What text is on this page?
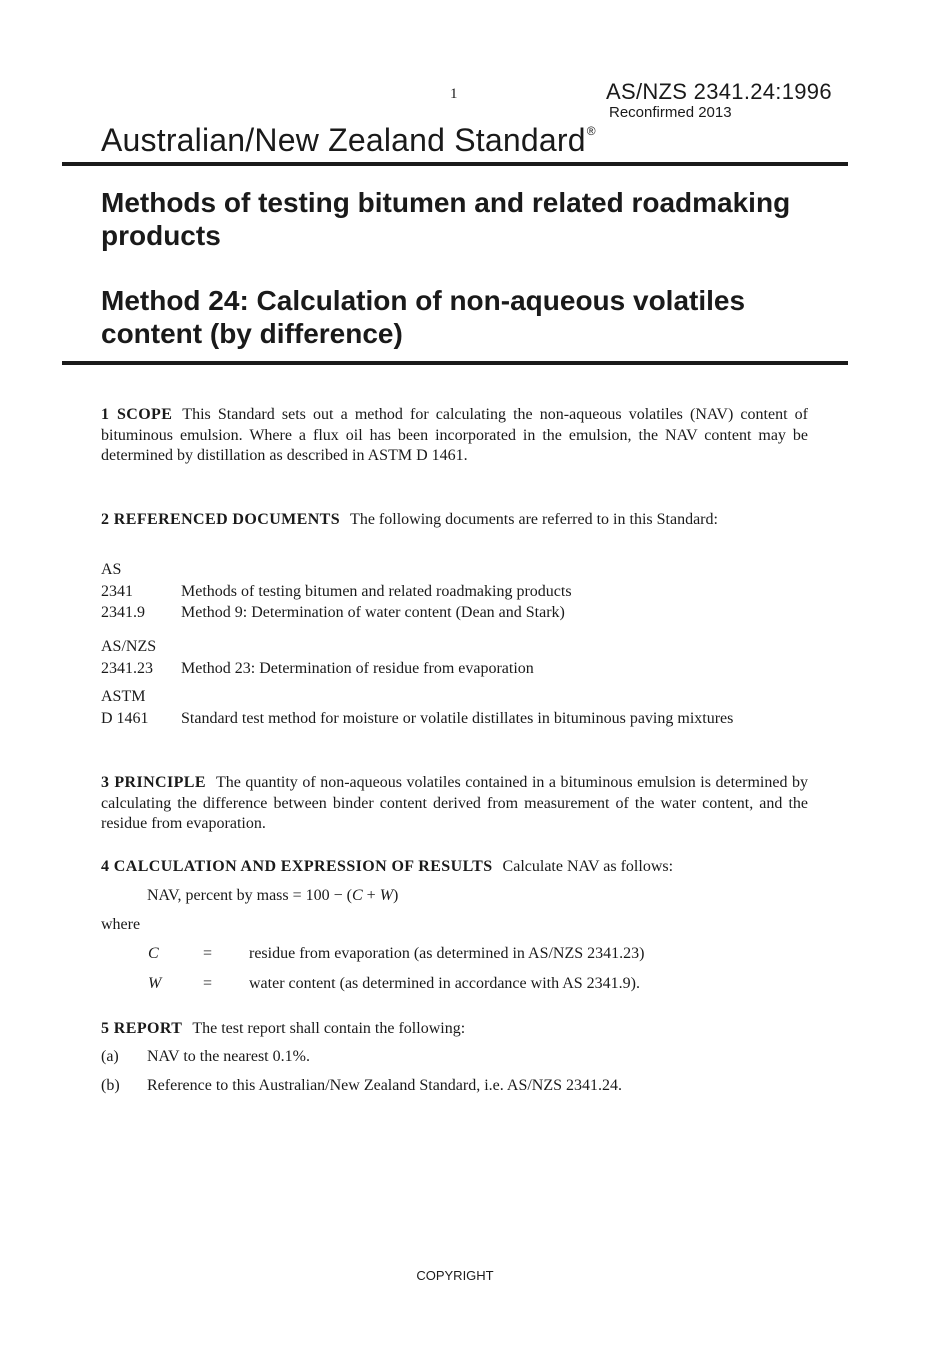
1	AS/NZS 2341.24:1996
Reconfirmed 2013
Australian/New Zealand Standard®
Methods of testing bitumen and related roadmaking products
Method 24: Calculation of non-aqueous volatiles content (by difference)
1 SCOPE This Standard sets out a method for calculating the non-aqueous volatiles (NAV) content of bituminous emulsion. Where a flux oil has been incorporated in the emulsion, the NAV content may be determined by distillation as described in ASTM D 1461.
2 REFERENCED DOCUMENTS The following documents are referred to in this Standard:
AS
2341	Methods of testing bitumen and related roadmaking products
2341.9 Method 9: Determination of water content (Dean and Stark)
AS/NZS
2341.23 Method 23: Determination of residue from evaporation
ASTM
D 1461 Standard test method for moisture or volatile distillates in bituminous paving mixtures
3 PRINCIPLE The quantity of non-aqueous volatiles contained in a bituminous emulsion is determined by calculating the difference between binder content derived from measurement of the water content, and the residue from evaporation.
4 CALCULATION AND EXPRESSION OF RESULTS Calculate NAV as follows:
NAV, percent by mass = 100 − (C + W)
where
C	= residue from evaporation (as determined in AS/NZS 2341.23)
W	= water content (as determined in accordance with AS 2341.9).
5 REPORT The test report shall contain the following:
(a) NAV to the nearest 0.1%.
(b) Reference to this Australian/New Zealand Standard, i.e. AS/NZS 2341.24.
COPYRIGHT
